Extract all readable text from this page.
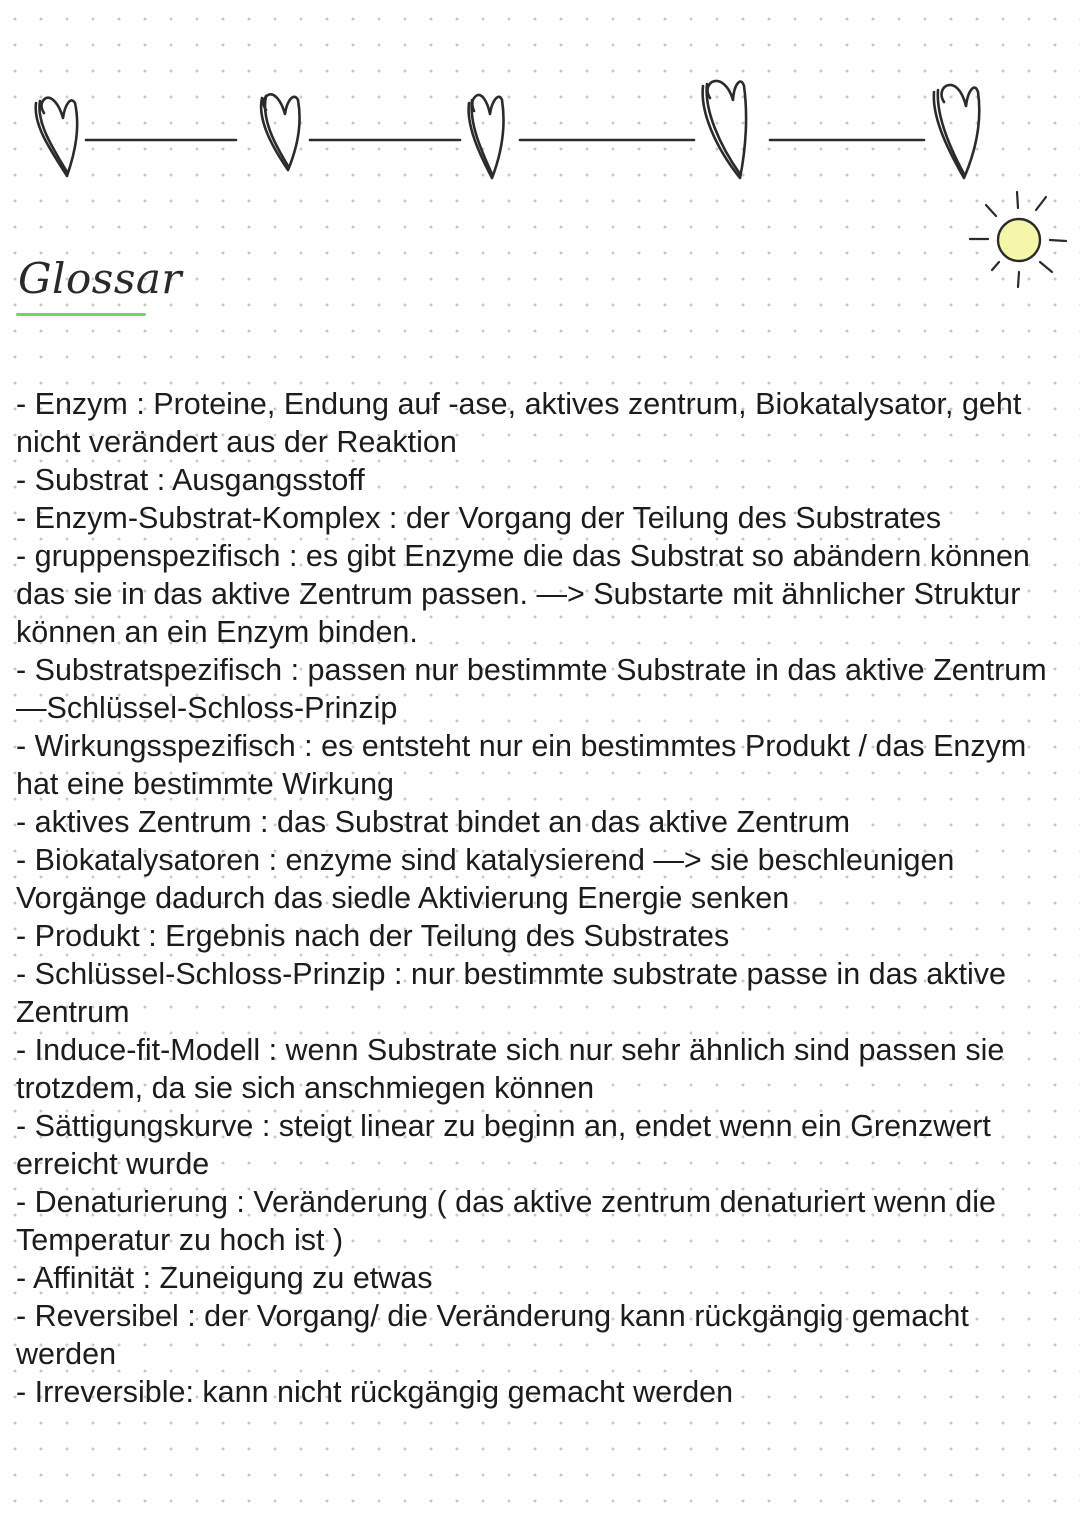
Glossar
- Enzym : Proteine, Endung auf -ase, aktives zentrum, Biokatalysator, geht nicht verändert aus der Reaktion
- Substrat : Ausgangsstoff
- Enzym-Substrat-Komplex : der Vorgang der Teilung des Substrates
- gruppenspezifisch : es gibt Enzyme die das Substrat so abändern können das sie in das aktive Zentrum passen. —> Substarte mit ähnlicher Struktur können an ein Enzym binden.
- Substratspezifisch : passen nur bestimmte Substrate in das aktive Zentrum —Schlüssel-Schloss-Prinzip
- Wirkungsspezifisch : es entsteht nur ein bestimmtes Produkt / das Enzym hat eine bestimmte Wirkung
- aktives Zentrum : das Substrat bindet an das aktive Zentrum
- Biokatalysatoren : enzyme sind katalysierend —> sie beschleunigen Vorgänge dadurch das siedle Aktivierung Energie senken
- Produkt : Ergebnis nach der Teilung des Substrates
- Schlüssel-Schloss-Prinzip : nur bestimmte substrate passe in das aktive Zentrum
- Induce-fit-Modell : wenn Substrate sich nur sehr ähnlich sind passen sie trotzdem, da sie sich anschmiegen können
- Sättigungskurve : steigt linear zu beginn an, endet wenn ein Grenzwert erreicht wurde
- Denaturierung : Veränderung ( das aktive zentrum denaturiert wenn die Temperatur zu hoch ist )
- Affinität : Zuneigung zu etwas
- Reversibel : der Vorgang/ die Veränderung kann rückgängig gemacht werden
- Irreversible: kann nicht rückgängig gemacht werden
